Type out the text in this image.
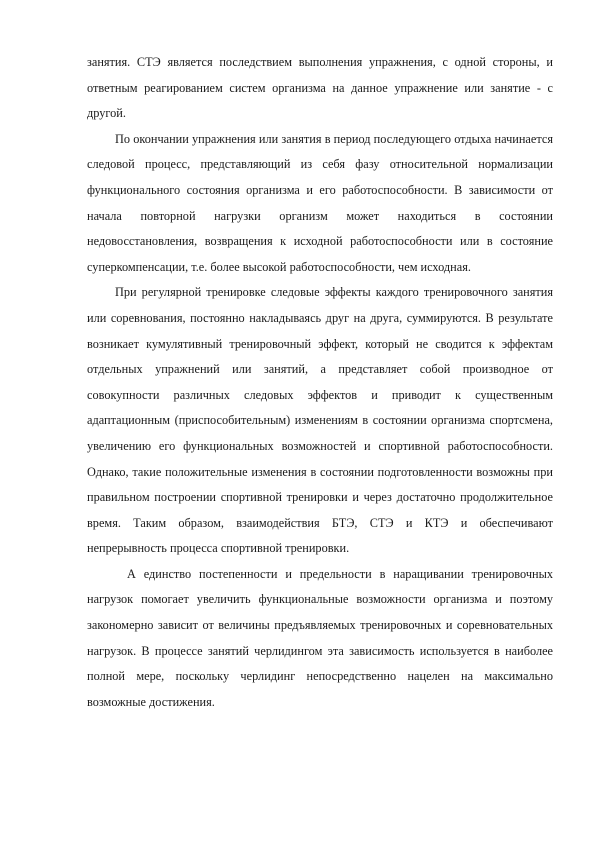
занятия. СТЭ является последствием выполнения упражнения, с одной стороны, и ответным реагированием систем организма на данное упражнение или занятие - с другой.

По окончании упражнения или занятия в период последующего отдыха начинается следовой процесс, представляющий из себя фазу относительной нормализации функционального состояния организма и его работоспособности. В зависимости от начала повторной нагрузки организм может находиться в состоянии недовосстановления, возвращения к исходной работоспособности или в состояние суперкомпенсации, т.е. более высокой работоспособности, чем исходная.

При регулярной тренировке следовые эффекты каждого тренировочного занятия или соревнования, постоянно накладываясь друг на друга, суммируются. В результате возникает кумулятивный тренировочный эффект, который не сводится к эффектам отдельных упражнений или занятий, а представляет собой производное от совокупности различных следовых эффектов и приводит к существенным адаптационным (приспособительным) изменениям в состоянии организма спортсмена, увеличению его функциональных возможностей и спортивной работоспособности. Однако, такие положительные изменения в состоянии подготовленности возможны при правильном построении спортивной тренировки и через достаточно продолжительное время. Таким образом, взаимодействия БТЭ, СТЭ и КТЭ и обеспечивают непрерывность процесса спортивной тренировки.

А единство постепенности и предельности в наращивании тренировочных нагрузок помогает увеличить функциональные возможности организма и поэтому закономерно зависит от величины предъявляемых тренировочных и соревновательных нагрузок. В процессе занятий черлидингом эта зависимость используется в наиболее полной мере, поскольку черлидинг непосредственно нацелен на максимально возможные достижения.
